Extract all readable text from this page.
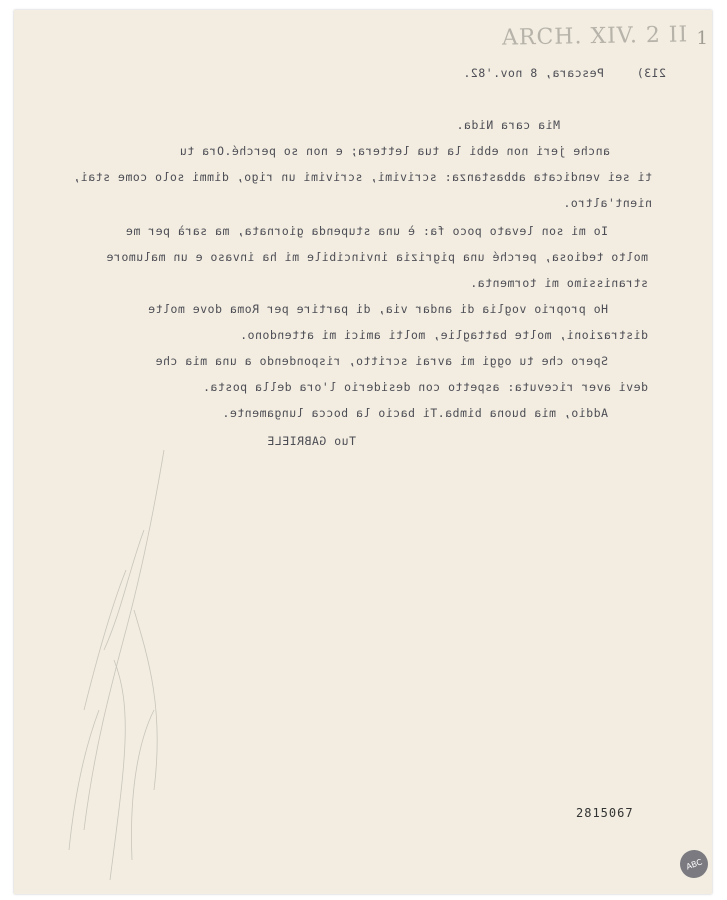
ARCH. XIV. 2 II 1
213)
Pescara, 8 nov.'82.
Mia cara Nida.
anche jeri non ebbi la tua lettera; e non so perché.Ora tu
ti sei vendicata abbastanza: scrivimi, scrivimi un rigo, dimmi solo come stai,
nient'altro.
Io mi son levato poco fa: è una stupenda giornata, ma sarà per me
molto tediosa, perché una pigrizia invincibile mi ha invaso e un malumore
stranissimo mi tormenta.
Ho proprio voglia di andar via, di partire per Roma dove molte
distrazioni, molte battaglie, molti amici mi attendono.
Spero che tu oggi mi avrai scritto, rispondendo a una mia che
devi aver ricevuta: aspetto con desiderio l'ora della posta.
Addio, mia buona bimba.Ti bacio la bocca lungamente.
Tuo GABRIELE
2815067
ABC
